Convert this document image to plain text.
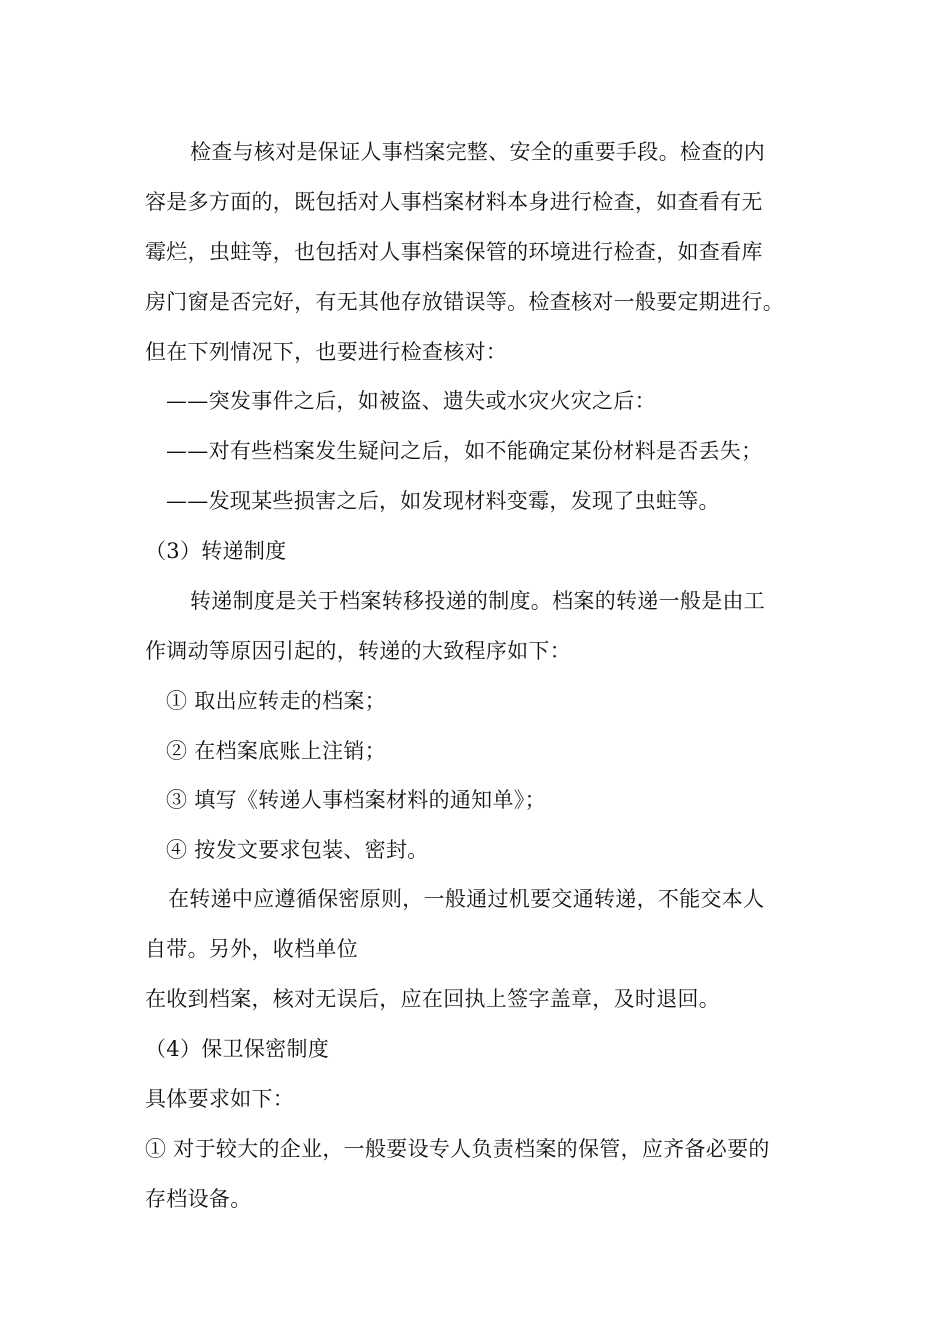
检查与核对是保证人事档案完整、安全的重要手段。检查的内
容是多方面的，既包括对人事档案材料本身进行检查，如查看有无
霉烂，虫蛀等，也包括对人事档案保管的环境进行检查，如查看库
房门窗是否完好，有无其他存放错误等。检查核对一般要定期进行。
但在下列情况下，也要进行检查核对：
——突发事件之后，如被盗、遗失或水灾火灾之后：
——对有些档案发生疑问之后，如不能确定某份材料是否丢失；
——发现某些损害之后，如发现材料变霉，发现了虫蛀等。
（3）转递制度
转递制度是关于档案转移投递的制度。档案的转递一般是由工
作调动等原因引起的，转递的大致程序如下：
① 取出应转走的档案；
② 在档案底账上注销；
③ 填写《转递人事档案材料的通知单》；
④ 按发文要求包装、密封。
在转递中应遵循保密原则，一般通过机要交通转递，不能交本人
自带。另外，收档单位
在收到档案，核对无误后，应在回执上签字盖章，及时退回。
（4）保卫保密制度
具体要求如下：
① 对于较大的企业，一般要设专人负责档案的保管，应齐备必要的
存档设备。
